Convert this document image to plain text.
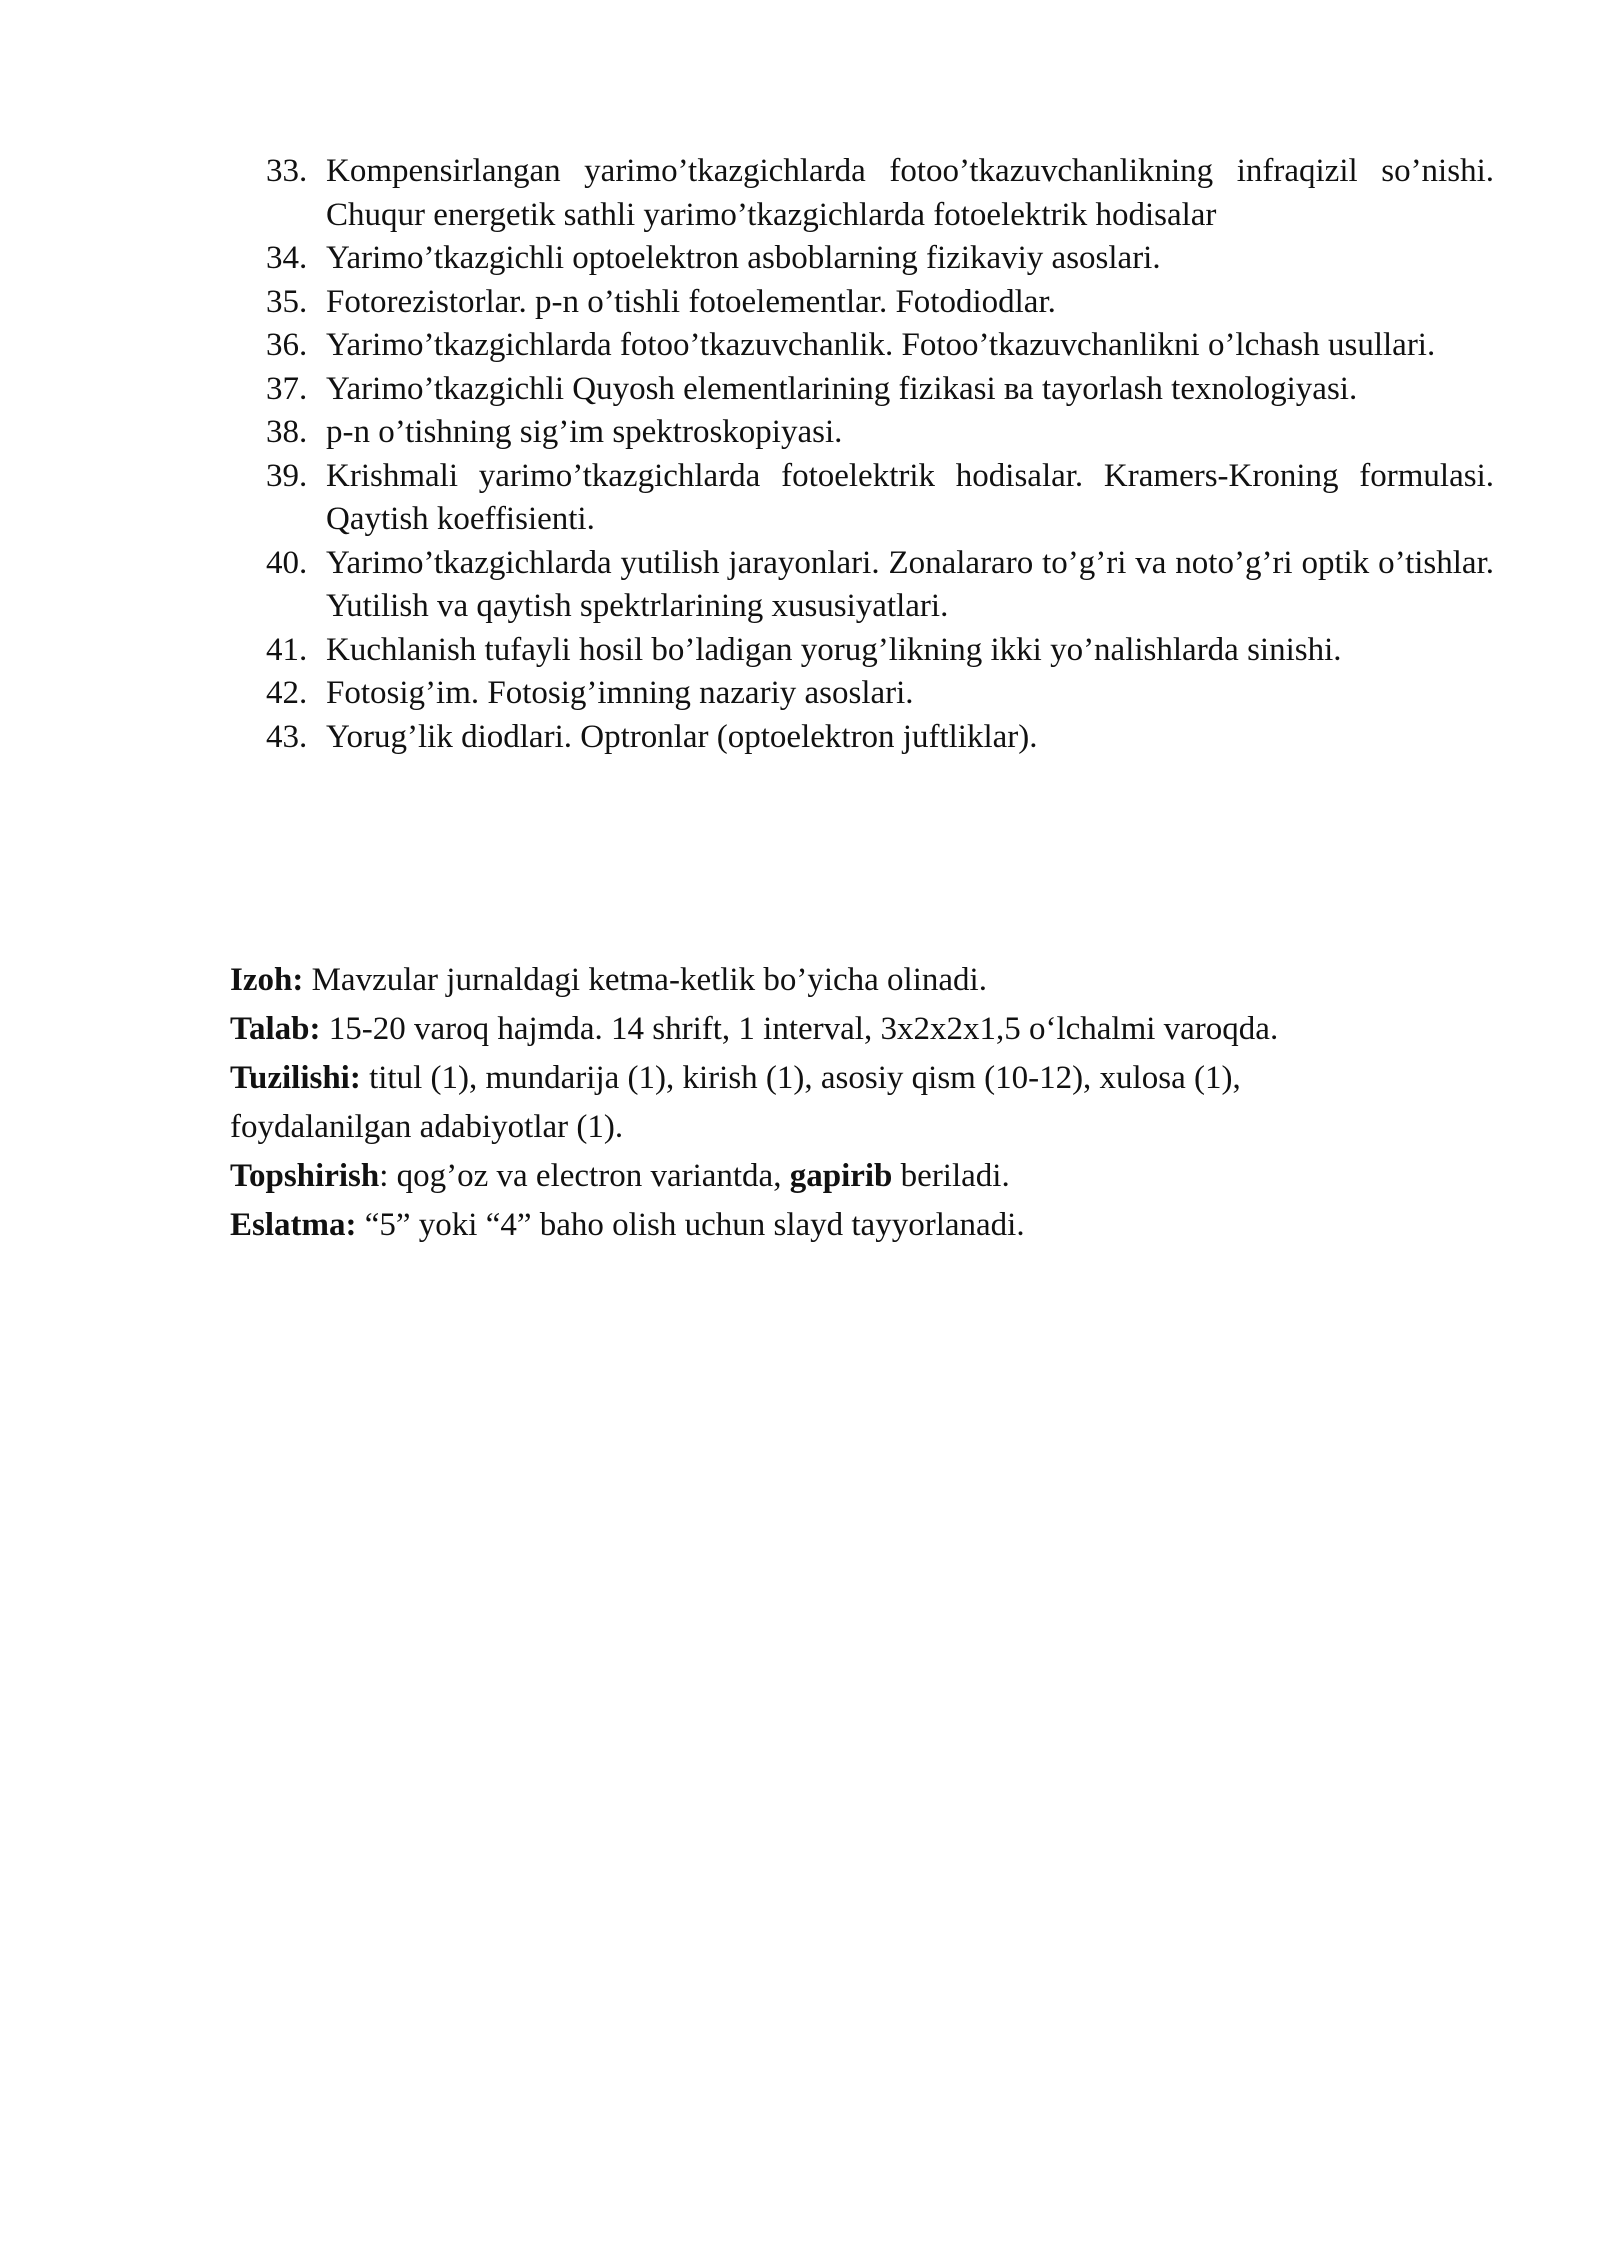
33. Kompensirlangan yarimo’tkazgichlarda fotoo’tkazuvchanlikning infraqizil so’nishi. Chuqur energetik sathli yarimo’tkazgichlarda fotoelektrik hodisalar
34. Yarimo’tkazgichli optoelektron asboblarning fizikaviy asoslari.
35. Fotorezistorlar. p-n o’tishli fotoelementlar. Fotodiodlar.
36. Yarimo’tkazgichlarda fotoo’tkazuvchanlik. Fotoo’tkazuvchanlikni o’lchash usullari.
37. Yarimo’tkazgichli Quyosh elementlarining fizikasi ва tayorlash texnologiyasi.
38. p-n o’tishning sig’im spektroskopiyasi.
39. Krishmali yarimo’tkazgichlarda fotoelektrik hodisalar. Kramers-Kroning formulasi. Qaytish koeffisienti.
40. Yarimo’tkazgichlarda yutilish jarayonlari. Zonalararo to’g’ri va noto’g’ri optik o’tishlar. Yutilish va qaytish spektrlarining xususiyatlari.
41. Kuchlanish tufayli hosil bo’ladigan yorug’likning ikki yo’nalishlarda sinishi.
42. Fotosig’im. Fotosig’imning nazariy asoslari.
43. Yorug’lik diodlari. Optronlar (optoelektron juftliklar).

Izoh: Mavzular jurnaldagi ketma-ketlik bo’yicha olinadi.

Talab: 15-20 varoq hajmda. 14 shrift, 1 interval, 3x2x2x1,5 o‘lchalmi varoqda.

Tuzilishi: titul (1), mundarija (1), kirish (1), asosiy qism (10-12), xulosa (1),

foydalanilgan adabiyotlar (1).

Topshirish: qog’oz va electron variantda, gapirib beriladi.

Eslatma: “5” yoki “4” baho olish uchun slayd tayyorlanadi.
